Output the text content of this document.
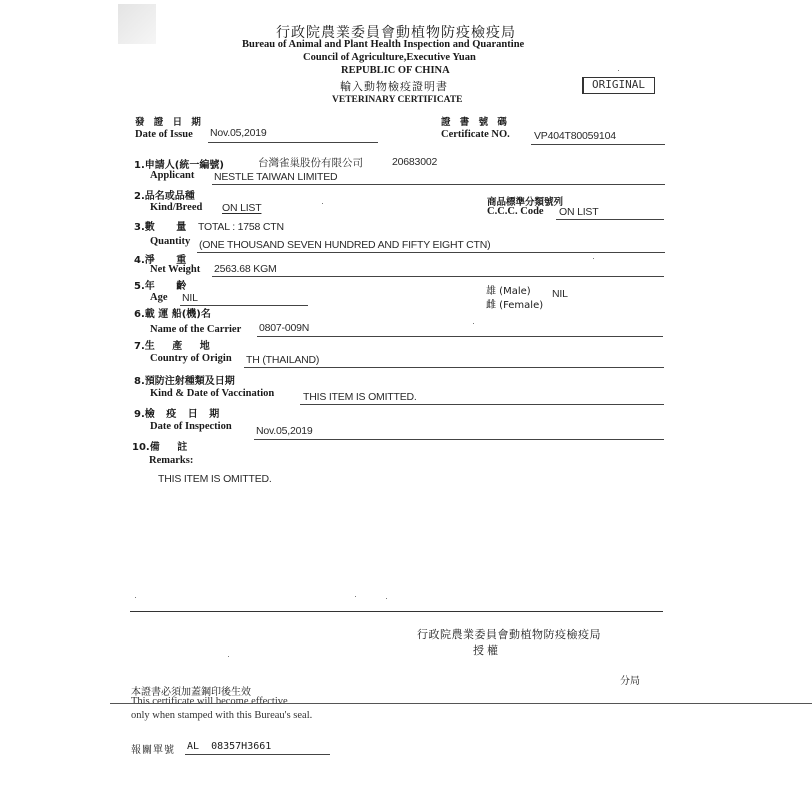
行政院農業委員會動植物防疫檢疫局
Bureau of Animal and Plant Health Inspection and Quarantine
Council of Agriculture,Executive Yuan
REPUBLIC OF CHINA
輸入動物檢疫證明書
VETERINARY CERTIFICATE
ORIGINAL
發 證 日 期
Date of Issue Nov.05,2019
證 書 號 碼
Certificate NO. VP404T80059104
1.申請人(統一編號)	台灣雀巢股份有限公司	20683002
Applicant NESTLE TAIWAN LIMITED
2.品名或品種
Kind/Breed ON LIST	商品標準分類號列
C.C.C. Code ON LIST
3.數 量 TOTAL : 1758 CTN
Quantity (ONE THOUSAND SEVEN HUNDRED AND FIFTY EIGHT CTN)
4.淨 重
Net Weight 2563.68 KGM
5.年 齡
Age NIL
雄 (Male)
雌 (Female)
NIL
6.載 運 船(機)名
Name of the Carrier 0807-009N
7.生 產 地
Country of Origin TH (THAILAND)
8.預防注射種類及日期
Kind & Date of Vaccination	THIS ITEM IS OMITTED.
9.檢 疫 日 期
Date of Inspection Nov.05,2019
10.備 註
Remarks:
THIS ITEM IS OMITTED.
行政院農業委員會動植物防疫檢疫局
授權
分局
本證書必須加蓋鋼印後生效
This certificate will become effective
only when stamped with this Bureau's seal.
報關單號 AL  08357H3661
